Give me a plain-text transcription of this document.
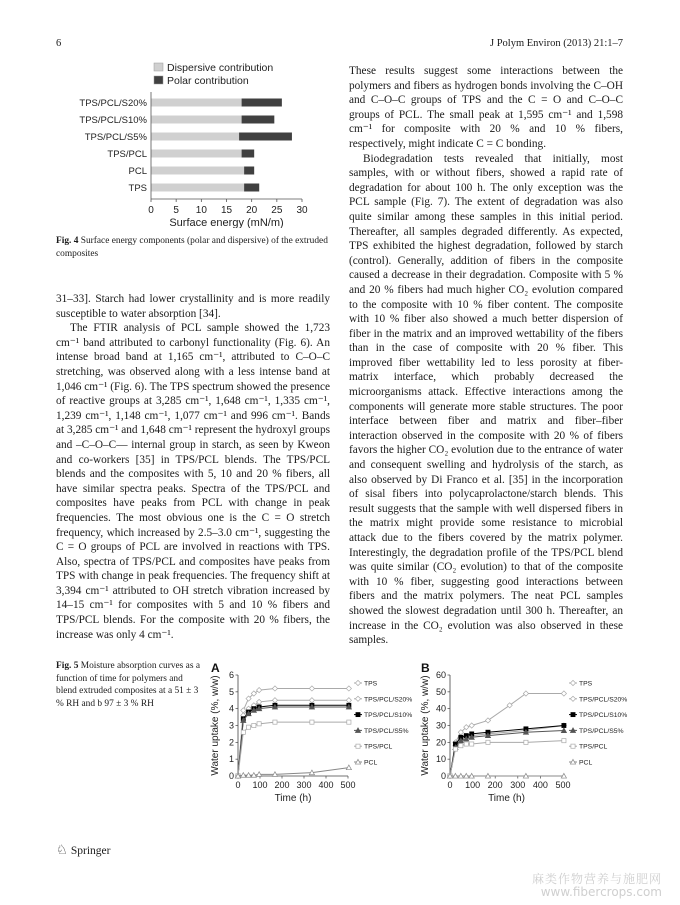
6	J Polym Environ (2013) 21:1–7
Dispersive contribution
Polar contribution
TPS/PCL/S20%
TPS/PCL/S10%
TPS/PCL/S5%
TPS/PCL
PCL
TPS
0 5 10 15 20 25 30
Surface energy (mN/m)
Fig. 4 Surface energy components (polar and dispersive) of the extruded composites

31–33]. Starch had lower crystallinity and is more readily susceptible to water absorption [34].

The FTIR analysis of PCL sample showed the 1,723 cm⁻¹ band attributed to carbonyl functionality (Fig. 6). An intense broad band at 1,165 cm⁻¹, attributed to C–O–C stretching, was observed along with a less intense band at 1,046 cm⁻¹ (Fig. 6). The TPS spectrum showed the presence of reactive groups at 3,285 cm⁻¹, 1,648 cm⁻¹, 1,335 cm⁻¹, 1,239 cm⁻¹, 1,148 cm⁻¹, 1,077 cm⁻¹ and 996 cm⁻¹. Bands at 3,285 cm⁻¹ and 1,648 cm⁻¹ represent the hydroxyl groups and –C–O–C— internal group in starch, as seen by Kweon and co-workers [35] in TPS/PCL blends. The TPS/PCL blends and the composites with 5, 10 and 20 % fibers, all have similar spectra peaks. Spectra of the TPS/PCL and composites have peaks from PCL with change in peak frequencies. The most obvious one is the C = O stretch frequency, which increased by 2.5–3.0 cm⁻¹, suggesting the C = O groups of PCL are involved in reactions with TPS. Also, spectra of TPS/PCL and composites have peaks from TPS with change in peak frequencies. The frequency shift at 3,394 cm⁻¹ attributed to OH stretch vibration increased by 14–15 cm⁻¹ for composites with 5 and 10 % fibers and TPS/PCL blends. For the composite with 20 % fibers, the increase was only 4 cm⁻¹.

These results suggest some interactions between the polymers and fibers as hydrogen bonds involving the C–OH and C–O–C groups of TPS and the C = O and C–O–C groups of PCL. The small peak at 1,595 cm⁻¹ and 1,598 cm⁻¹ for composite with 20 % and 10 % fibers, respectively, might indicate C = C bonding.

Biodegradation tests revealed that initially, most samples, with or without fibers, showed a rapid rate of degradation for about 100 h. The only exception was the PCL sample (Fig. 7). The extent of degradation was also quite similar among these samples in this initial period. Thereafter, all samples degraded differently. As expected, TPS exhibited the highest degradation, followed by starch (control). Generally, addition of fibers in the composite caused a decrease in their degradation. Composite with 5 % and 20 % fibers had much higher CO₂ evolution compared to the composite with 10 % fiber content. The composite with 10 % fiber also showed a much better dispersion of fiber in the matrix and an improved wettability of the fibers than in the case of composite with 20 % fiber. This improved fiber wettability led to less porosity at fiber-matrix interface, which probably decreased the microorganisms attack. Effective interactions among the components will generate more stable structures. The poor interface between fiber and matrix and fiber–fiber interaction observed in the composite with 20 % of fibers favors the higher CO₂ evolution due to the entrance of water and consequent swelling and hydrolysis of the starch, as also observed by Di Franco et al. [35] in the incorporation of sisal fibers into polycaprolactone/starch blends. This result suggests that the sample with well dispersed fibers in the matrix might provide some resistance to microbial attack due to the fibers covered by the matrix polymer. Interestingly, the degradation profile of the TPS/PCL blend was quite similar (CO₂ evolution) to that of the composite with 10 % fiber, suggesting good interactions between fibers and the matrix polymers. The neat PCL samples showed the slowest degradation until 300 h. Thereafter, an increase in the CO₂ evolution was also observed in these samples.

Fig. 5 Moisture absorption curves as a function of time for polymers and blend extruded composites at a 51 ± 3 % RH and b 97 ± 3 % RH
A
0
1
2
3
4
5
6
0 100 200 300 400 500
Time (h)
Water uptake (%, w/w)	TPS
TPS/PCL/S20%
TPS/PCL/S10%
TPS/PCL/S5%
TPS/PCL
PCL
B
0
10
20
30
40
50
60
0 100 200 300 400 500
Time (h)
Water uptake (%, w/w)	TPS
TPS/PCL/S20%
TPS/PCL/S10%
TPS/PCL/S5%
TPS/PCL
PCL
♘ Springer
麻类作物营养与施肥网
www.fibercrops.com
